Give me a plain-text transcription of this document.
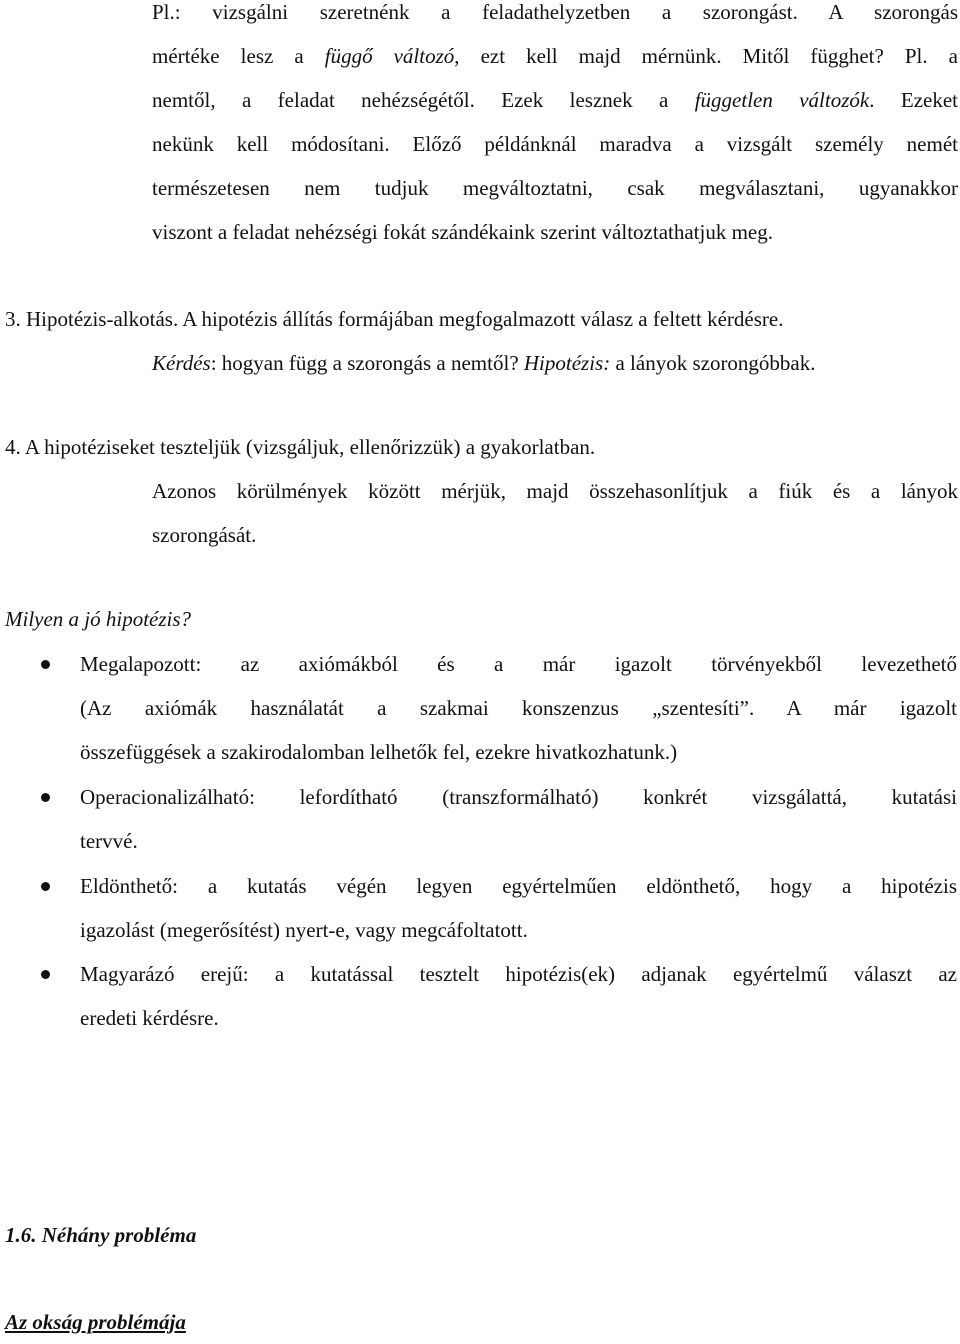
Pl.: vizsgálni szeretnénk a feladathelyzetben a szorongást. A szorongás
mértéke lesz a függő változó, ezt kell majd mérnünk. Mitől függhet? Pl. a
nemtől, a feladat nehézségétől. Ezek lesznek a független változók. Ezeket
nekünk kell módosítani. Előző példánknál maradva a vizsgált személy nemét
természetesen nem tudjuk megváltoztatni, csak megválasztani, ugyanakkor
viszont a feladat nehézségi fokát szándékaink szerint változtathatjuk meg.
3. Hipotézis-alkotás. A hipotézis állítás formájában megfogalmazott válasz a feltett kérdésre.
Kérdés: hogyan függ a szorongás a nemtől? Hipotézis: a lányok szorongóbbak.
4. A hipotéziseket teszteljük (vizsgáljuk, ellenőrizzük) a gyakorlatban.
Azonos körülmények között mérjük, majd összehasonlítjuk a fiúk és a lányok
szorongását.
Milyen a jó hipotézis?
Megalapozott: az axiómákból és a már igazolt törvényekből levezethető
(Az axiómák használatát a szakmai konszenzus „szentesíti”. A már igazolt
összefüggések a szakirodalomban lelhetők fel, ezekre hivatkozhatunk.)
Operacionalizálható: lefordítható (transzformálható) konkrét vizsgálattá, kutatási
tervvé.
Eldönthető: a kutatás végén legyen egyértelműen eldönthető, hogy a hipotézis
igazolást (megerősítést) nyert-e, vagy megcáfoltatott.
Magyarázó erejű: a kutatással tesztelt hipotézis(ek) adjanak egyértelmű választ az
eredeti kérdésre.
1.6. Néhány probléma
Az okság problémája
